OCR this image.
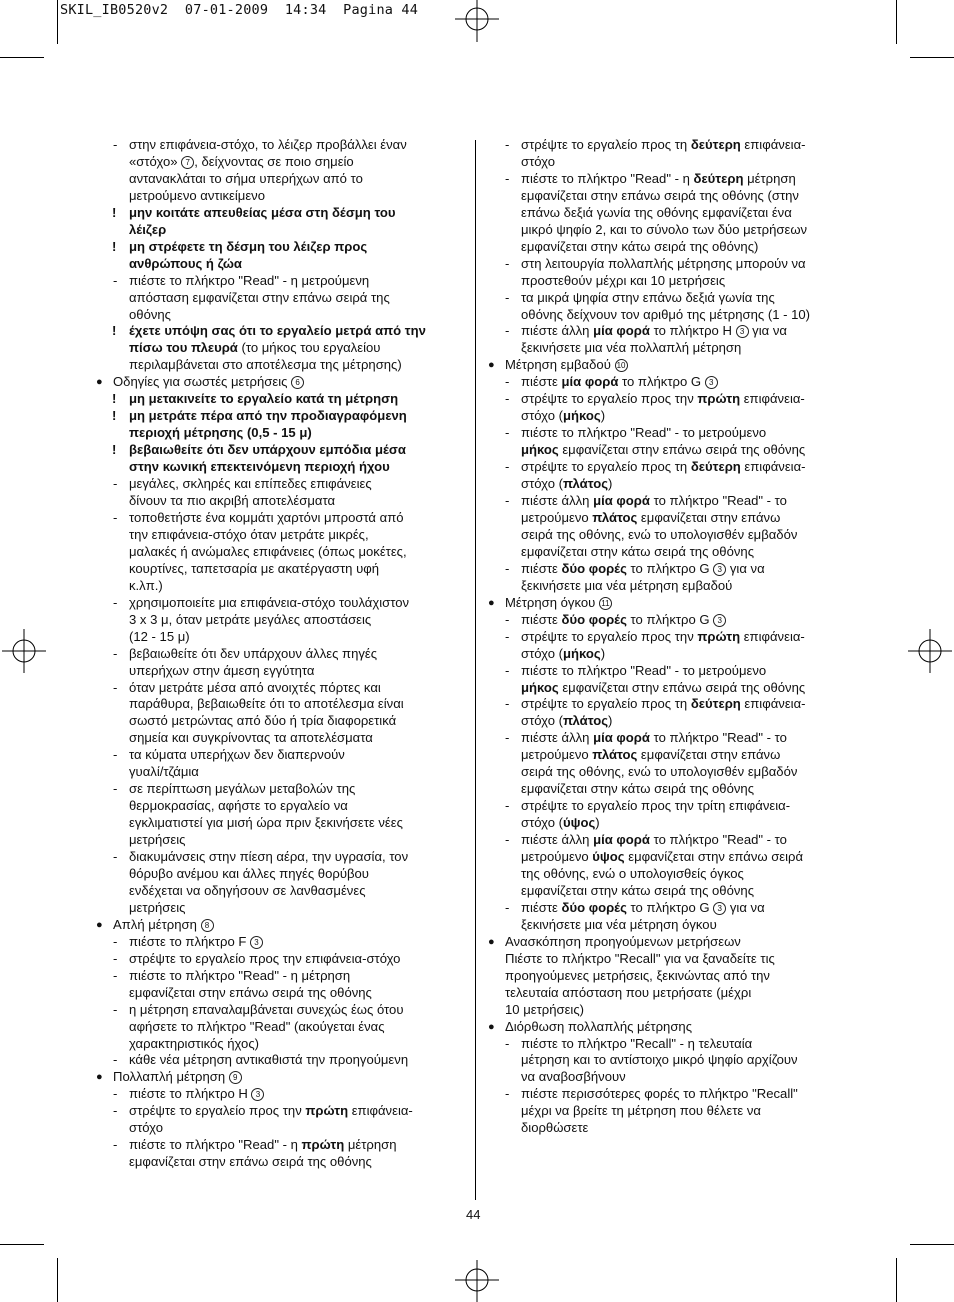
SKIL_IB0520v2  07-01-2009  14:34  Pagina 44
- στην επιφάνεια-στόχο, το λέιζερ προβάλλει έναν
«στόχο» 7 , δείχνοντας σε ποιο σημείο
αντανακλάται το σήμα υπερήχων από το
μετρούμενο αντικείμενο
! μην κοιτάτε απευθείας μέσα στη δέσμη του
λέιζερ
! μη στρέφετε τη δέσμη του λέιζερ προς
ανθρώπους ή ζώα
- πιέστε το πλήκτρο "Read" - η μετρούμενη
απόσταση εμφανίζεται στην επάνω σειρά της
οθόνης
! έχετε υπόψη σας ότι το εργαλείο μετρά από την
πίσω του πλευρά (το μήκος του εργαλείου
περιλαμβάνεται στο αποτέλεσμα της μέτρησης)
● Οδηγίες για σωστές μετρήσεις 6
! μη μετακινείτε το εργαλείο κατά τη μέτρηση
! μη μετράτε πέρα από την προδιαγραφόμενη
περιοχή μέτρησης (0,5 - 15 μ)
! βεβαιωθείτε ότι δεν υπάρχουν εμπόδια μέσα
στην κωνική επεκτεινόμενη περιοχή ήχου
- μεγάλες, σκληρές και επίπεδες επιφάνειες
δίνουν τα πιο ακριβή αποτελέσματα
- τοποθετήστε ένα κομμάτι χαρτόνι μπροστά από
την επιφάνεια-στόχο όταν μετράτε μικρές,
μαλακές ή ανώμαλες επιφάνειες (όπως μοκέτες,
κουρτίνες, ταπετσαρία με ακατέργαστη υφή
κ.λπ.)
- χρησιμοποιείτε μια επιφάνεια-στόχο τουλάχιστον
3 x 3 μ, όταν μετράτε μεγάλες αποστάσεις
(12 - 15 μ)
- βεβαιωθείτε ότι δεν υπάρχουν άλλες πηγές
υπερήχων στην άμεση εγγύτητα
- όταν μετράτε μέσα από ανοιχτές πόρτες και
παράθυρα, βεβαιωθείτε ότι το αποτέλεσμα είναι
σωστό μετρώντας από δύο ή τρία διαφορετικά
σημεία και συγκρίνοντας τα αποτελέσματα
- τα κύματα υπερήχων δεν διαπερνούν
γυαλί/τζάμια
- σε περίπτωση μεγάλων μεταβολών της
θερμοκρασίας, αφήστε το εργαλείο να
εγκλιματιστεί για μισή ώρα πριν ξεκινήσετε νέες
μετρήσεις
- διακυμάνσεις στην πίεση αέρα, την υγρασία, τον
θόρυβο ανέμου και άλλες πηγές θορύβου
ενδέχεται να οδηγήσουν σε λανθασμένες
μετρήσεις
● Απλή μέτρηση 8
- πιέστε το πλήκτρο F 3
- στρέψτε το εργαλείο προς την επιφάνεια-στόχο
- πιέστε το πλήκτρο "Read" - η μέτρηση
εμφανίζεται στην επάνω σειρά της οθόνης
- η μέτρηση επαναλαμβάνεται συνεχώς έως ότου
αφήσετε το πλήκτρο "Read" (ακούγεται ένας
χαρακτηριστικός ήχος)
- κάθε νέα μέτρηση αντικαθιστά την προηγούμενη
● Πολλαπλή μέτρηση 9
- πιέστε το πλήκτρο H 3
- στρέψτε το εργαλείο προς την πρώτη επιφάνεια-
στόχο
- πιέστε το πλήκτρο "Read" - η πρώτη μέτρηση
εμφανίζεται στην επάνω σειρά της οθόνης
- στρέψτε το εργαλείο προς τη δεύτερη επιφάνεια-
στόχο
- πιέστε το πλήκτρο "Read" - η δεύτερη μέτρηση
εμφανίζεται στην επάνω σειρά της οθόνης (στην
επάνω δεξιά γωνία της οθόνης εμφανίζεται ένα
μικρό ψηφίο 2, και το σύνολο των δύο μετρήσεων
εμφανίζεται στην κάτω σειρά της οθόνης)
- στη λειτουργία πολλαπλής μέτρησης μπορούν να
προστεθούν μέχρι και 10 μετρήσεις
- τα μικρά ψηφία στην επάνω δεξιά γωνία της
οθόνης δείχνουν τον αριθμό της μέτρησης (1 - 10)
- πιέστε άλλη μία φορά το πλήκτρο H 3 για να
ξεκινήσετε μια νέα πολλαπλή μέτρηση
● Μέτρηση εμβαδού 10
- πιέστε μία φορά το πλήκτρο G 3
- στρέψτε το εργαλείο προς την πρώτη επιφάνεια-
στόχο (μήκος)
- πιέστε το πλήκτρο "Read" - το μετρούμενο
μήκος εμφανίζεται στην επάνω σειρά της οθόνης
- στρέψτε το εργαλείο προς τη δεύτερη επιφάνεια-
στόχο (πλάτος)
- πιέστε άλλη μία φορά το πλήκτρο "Read" - το
μετρούμενο πλάτος εμφανίζεται στην επάνω
σειρά της οθόνης, ενώ το υπολογισθέν εμβαδόν
εμφανίζεται στην κάτω σειρά της οθόνης
- πιέστε δύο φορές το πλήκτρο G 3 για να
ξεκινήσετε μια νέα μέτρηση εμβαδού
● Μέτρηση όγκου 11
- πιέστε δύο φορές το πλήκτρο G 3
- στρέψτε το εργαλείο προς την πρώτη επιφάνεια-
στόχο (μήκος)
- πιέστε το πλήκτρο "Read" - το μετρούμενο
μήκος εμφανίζεται στην επάνω σειρά της οθόνης
- στρέψτε το εργαλείο προς τη δεύτερη επιφάνεια-
στόχο (πλάτος)
- πιέστε άλλη μία φορά το πλήκτρο "Read" - το
μετρούμενο πλάτος εμφανίζεται στην επάνω
σειρά της οθόνης, ενώ το υπολογισθέν εμβαδόν
εμφανίζεται στην κάτω σειρά της οθόνης
- στρέψτε το εργαλείο προς την τρίτη επιφάνεια-
στόχο (ύψος)
- πιέστε άλλη μία φορά το πλήκτρο "Read" - το
μετρούμενο ύψος εμφανίζεται στην επάνω σειρά
της οθόνης, ενώ ο υπολογισθείς όγκος
εμφανίζεται στην κάτω σειρά της οθόνης
- πιέστε δύο φορές το πλήκτρο G 3 για να
ξεκινήσετε μια νέα μέτρηση όγκου
● Ανασκόπηση προηγούμενων μετρήσεων
Πιέστε το πλήκτρο "Recall" για να ξαναδείτε τις
προηγούμενες μετρήσεις, ξεκινώντας από την
τελευταία απόσταση που μετρήσατε (μέχρι
10 μετρήσεις)
● Διόρθωση πολλαπλής μέτρησης
- πιέστε το πλήκτρο "Recall" - η τελευταία
μέτρηση και το αντίστοιχο μικρό ψηφίο αρχίζουν
να αναβοσβήνουν
- πιέστε περισσότερες φορές το πλήκτρο "Recall"
μέχρι να βρείτε τη μέτρηση που θέλετε να
διορθώσετε
44
